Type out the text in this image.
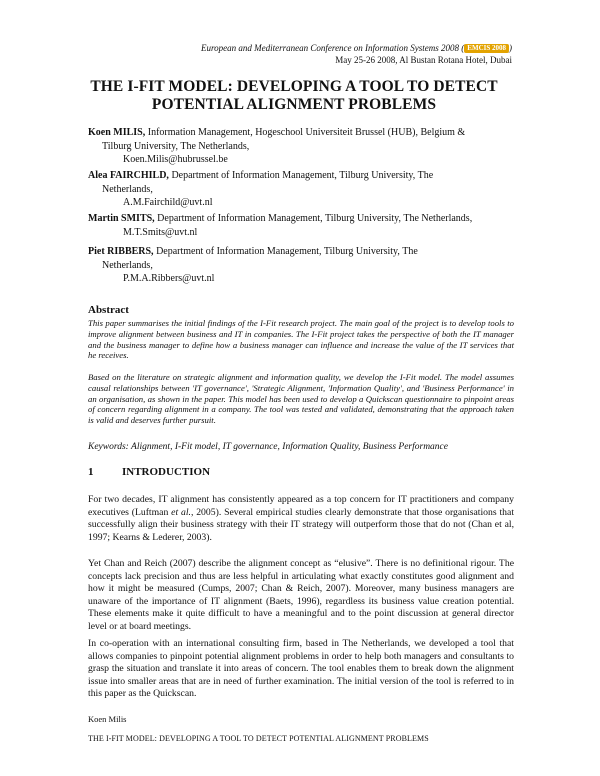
European and Mediterranean Conference on Information Systems 2008 ( EMCIS 2008 )
May 25-26 2008, Al Bustan Rotana Hotel, Dubai
THE I-FIT MODEL: DEVELOPING A TOOL TO DETECT
POTENTIAL ALIGNMENT PROBLEMS
Koen MILIS, Information Management, Hogeschool Universiteit Brussel (HUB), Belgium &
Tilburg University, The Netherlands,
Koen.Milis@hubrussel.be
Alea FAIRCHILD, Department of Information Management, Tilburg University, The
Netherlands,
A.M.Fairchild@uvt.nl
Martin SMITS, Department of Information Management, Tilburg University, The Netherlands,
M.T.Smits@uvt.nl
Piet RIBBERS, Department of Information Management, Tilburg University, The
Netherlands,
P.M.A.Ribbers@uvt.nl
Abstract
This paper summarises the initial findings of the I-Fit research project. The main goal of the project is to develop tools to improve alignment between business and IT in companies. The I-Fit project takes the perspective of both the IT manager and the business manager to define how a business manager can influence and increase the value of the IT services that he receives.
Based on the literature on strategic alignment and information quality, we develop the I-Fit model. The model assumes causal relationships between 'IT governance', 'Strategic Alignment, 'Information Quality', and 'Business Performance' in an organisation, as shown in the paper. This model has been used to develop a Quickscan questionnaire to pinpoint areas of concern regarding alignment in a company. The tool was tested and validated, demonstrating that the approach taken is valid and deserves further pursuit.
Keywords: Alignment, I-Fit model, IT governance, Information Quality, Business Performance
1	INTRODUCTION
For two decades, IT alignment has consistently appeared as a top concern for IT practitioners and company executives (Luftman et al., 2005). Several empirical studies clearly demonstrate that those organisations that successfully align their business strategy with their IT strategy will outperform those that do not (Chan et al, 1997; Kearns & Lederer, 2003).
Yet Chan and Reich (2007) describe the alignment concept as “elusive”. There is no definitional rigour. The concepts lack precision and thus are less helpful in articulating what exactly constitutes good alignment and how it might be measured (Cumps, 2007; Chan & Reich, 2007). Moreover, many business managers are unaware of the importance of IT alignment (Baets, 1996), regardless its business value creation potential. These elements make it quite difficult to have a meaningful and to the point discussion at general director level or at board meetings.
In co-operation with an international consulting firm, based in The Netherlands, we developed a tool that allows companies to pinpoint potential alignment problems in order to help both managers and consultants to grasp the situation and translate it into areas of concern. The tool enables them to break down the alignment issue into smaller areas that are in need of further examination. The initial version of the tool is referred to in this paper as the Quickscan.
Koen Milis
THE I-FIT MODEL: DEVELOPING A TOOL TO DETECT POTENTIAL ALIGNMENT PROBLEMS
